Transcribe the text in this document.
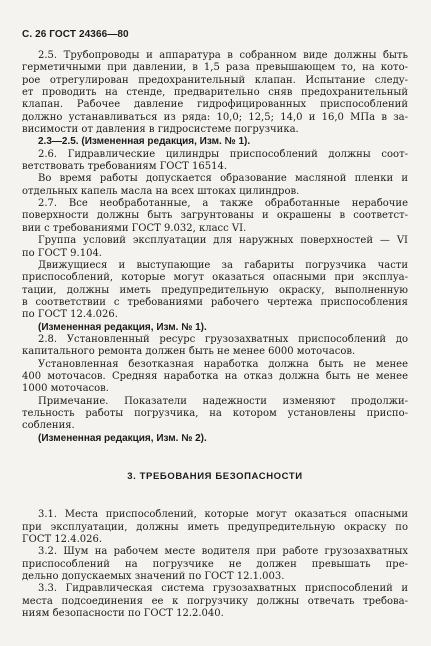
С. 26 ГОСТ 24366—80
2.5. Трубопроводы и аппаратура в собранном виде должны быть
герметичными при давлении, в 1,5 раза превышающем то, на кото-
рое отрегулирован предохранительный клапан. Испытание следу-
ет проводить на стенде, предварительно сняв предохранительный
клапан. Рабочее давление гидрофицированных приспособлений
должно устанавливаться из ряда: 10,0; 12,5; 14,0 и 16,0 МПа в за-
висимости от давления в гидросистеме погрузчика.
2.3—2.5. (Измененная редакция, Изм. № 1).
2.6. Гидравлические цилиндры приспособлений должны соот-
ветствовать требованиям ГОСТ 16514.
Во время работы допускается образование масляной пленки и
отдельных капель масла на всех штоках цилиндров.
2.7. Все необработанные, а также обработанные нерабочие
поверхности должны быть загрунтованы и окрашены в соответст-
вии с требованиями ГОСТ 9.032, класс VI.
Группа условий эксплуатации для наружных поверхностей — VI
по ГОСТ 9.104.
Движущиеся и выступающие за габариты погрузчика части
приспособлений, которые могут оказаться опасными при эксплуа-
тации, должны иметь предупредительную окраску, выполненную
в соответствии с требованиями рабочего чертежа приспособления
по ГОСТ 12.4.026.
(Измененная редакция, Изм. № 1).
2.8. Установленный ресурс грузозахватных приспособлений до
капитального ремонта должен быть не менее 6000 моточасов.
Установленная безотказная наработка должна быть не менее
400 моточасов. Средняя наработка на отказ должна быть не менее
1000 моточасов.
Примечание. Показатели надежности изменяют продолжи-
тельность работы погрузчика, на котором установлены приспо-
собления.
(Измененная редакция, Изм. № 2).
3. ТРЕБОВАНИЯ БЕЗОПАСНОСТИ
3.1. Места приспособлений, которые могут оказаться опасными
при эксплуатации, должны иметь предупредительную окраску по
ГОСТ 12.4.026.
3.2. Шум на рабочем месте водителя при работе грузозахватных
приспособлений на погрузчике не должен превышать пре-
дельно допускаемых значений по ГОСТ 12.1.003.
3.3. Гидравлическая система грузозахватных приспособлений и
места подсоединения ее к погрузчику должны отвечать требова-
ниям безопасности по ГОСТ 12.2.040.
